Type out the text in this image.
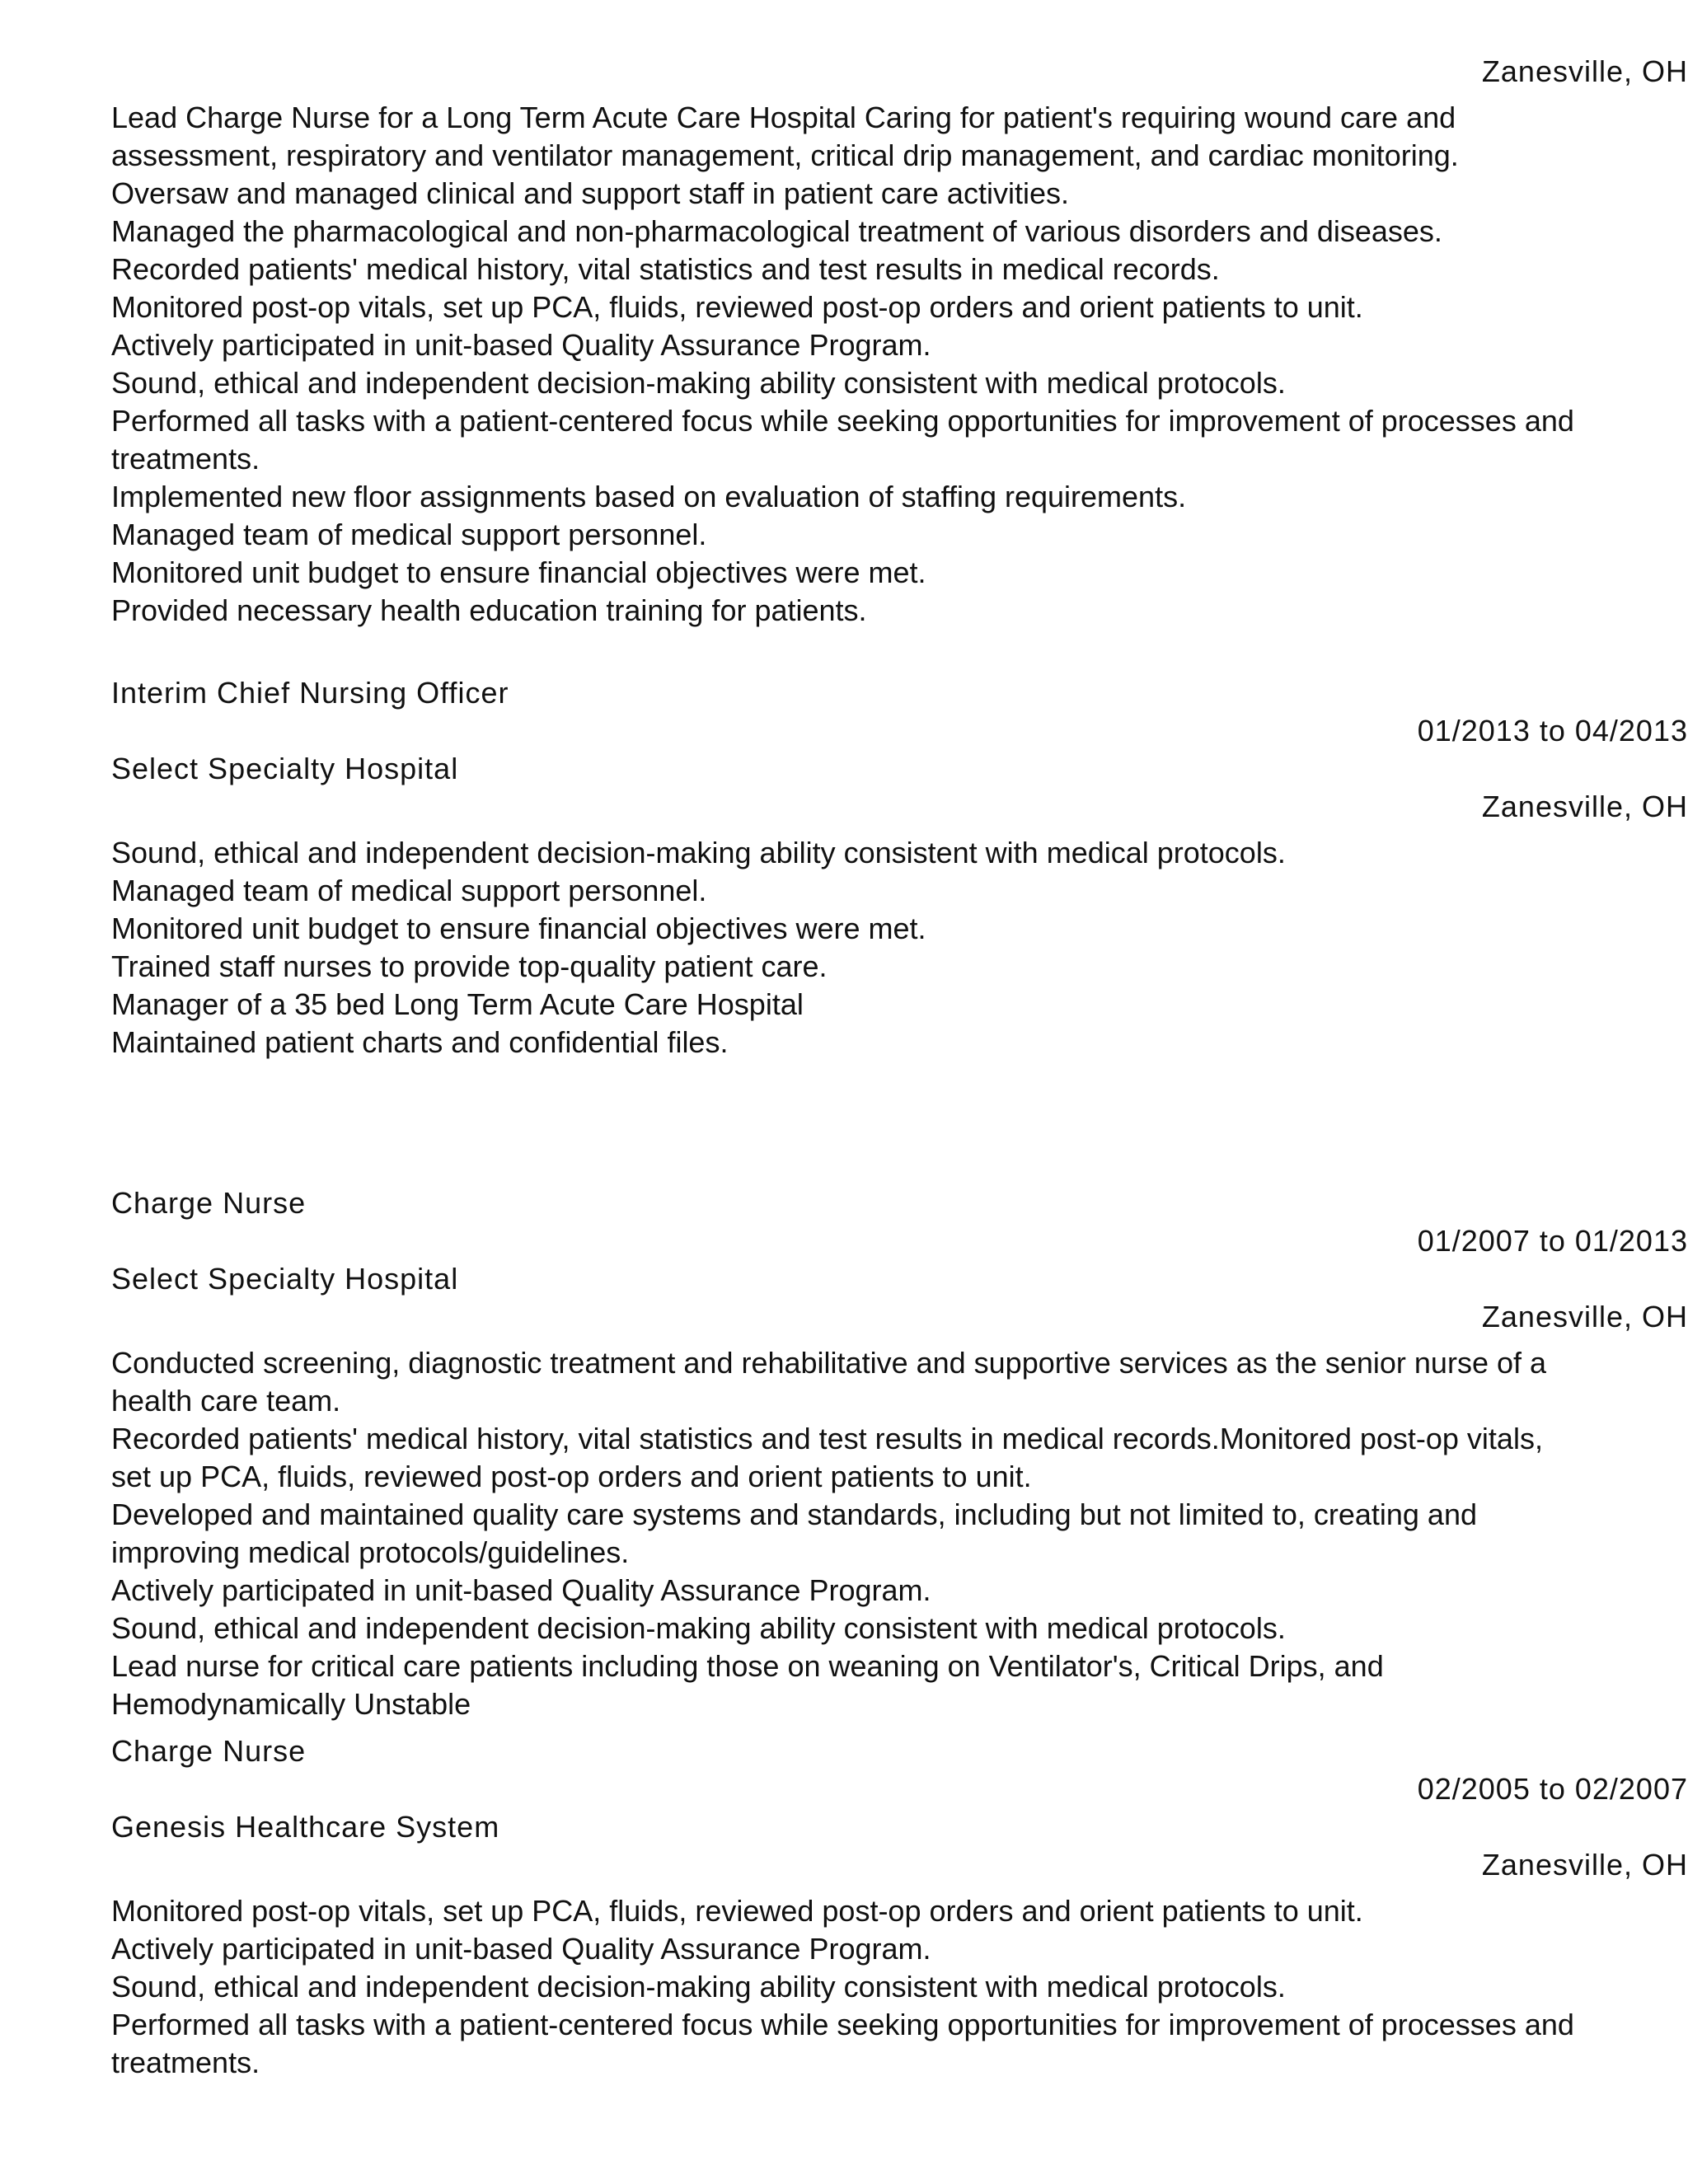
Zanesville, OH
Lead Charge Nurse for a Long Term Acute Care Hospital Caring for patient's requiring wound care and assessment, respiratory and ventilator management, critical drip management, and cardiac monitoring.
Oversaw and managed clinical and support staff in patient care activities.
Managed the pharmacological and non-pharmacological treatment of various disorders and diseases.
Recorded patients' medical history, vital statistics and test results in medical records.
Monitored post-op vitals, set up PCA, fluids, reviewed post-op orders and orient patients to unit.
Actively participated in unit-based Quality Assurance Program.
Sound, ethical and independent decision-making ability consistent with medical protocols.
Performed all tasks with a patient-centered focus while seeking opportunities for improvement of processes and treatments.
Implemented new floor assignments based on evaluation of staffing requirements.
Managed team of medical support personnel.
Monitored unit budget to ensure financial objectives were met.
Provided necessary health education training for patients.
Interim Chief Nursing Officer
01/2013 to 04/2013
Select Specialty Hospital
Zanesville, OH
Sound, ethical and independent decision-making ability consistent with medical protocols.
Managed team of medical support personnel.
Monitored unit budget to ensure financial objectives were met.
Trained staff nurses to provide top-quality patient care.
Manager of a 35 bed Long Term Acute Care Hospital
Maintained patient charts and confidential files.
Charge Nurse
01/2007 to 01/2013
Select Specialty Hospital
Zanesville, OH
Conducted screening, diagnostic treatment and rehabilitative and supportive services as the senior nurse of a health care team.
Recorded patients' medical history, vital statistics and test results in medical records.Monitored post-op vitals, set up PCA, fluids, reviewed post-op orders and orient patients to unit.
Developed and maintained quality care systems and standards, including but not limited to, creating and improving medical protocols/guidelines.
Actively participated in unit-based Quality Assurance Program.
Sound, ethical and independent decision-making ability consistent with medical protocols.
Lead nurse for critical care patients including those on weaning on Ventilator's, Critical Drips, and Hemodynamically Unstable
Charge Nurse
02/2005 to 02/2007
Genesis Healthcare System
Zanesville, OH
Monitored post-op vitals, set up PCA, fluids, reviewed post-op orders and orient patients to unit.
Actively participated in unit-based Quality Assurance Program.
Sound, ethical and independent decision-making ability consistent with medical protocols.
Performed all tasks with a patient-centered focus while seeking opportunities for improvement of processes and treatments.
